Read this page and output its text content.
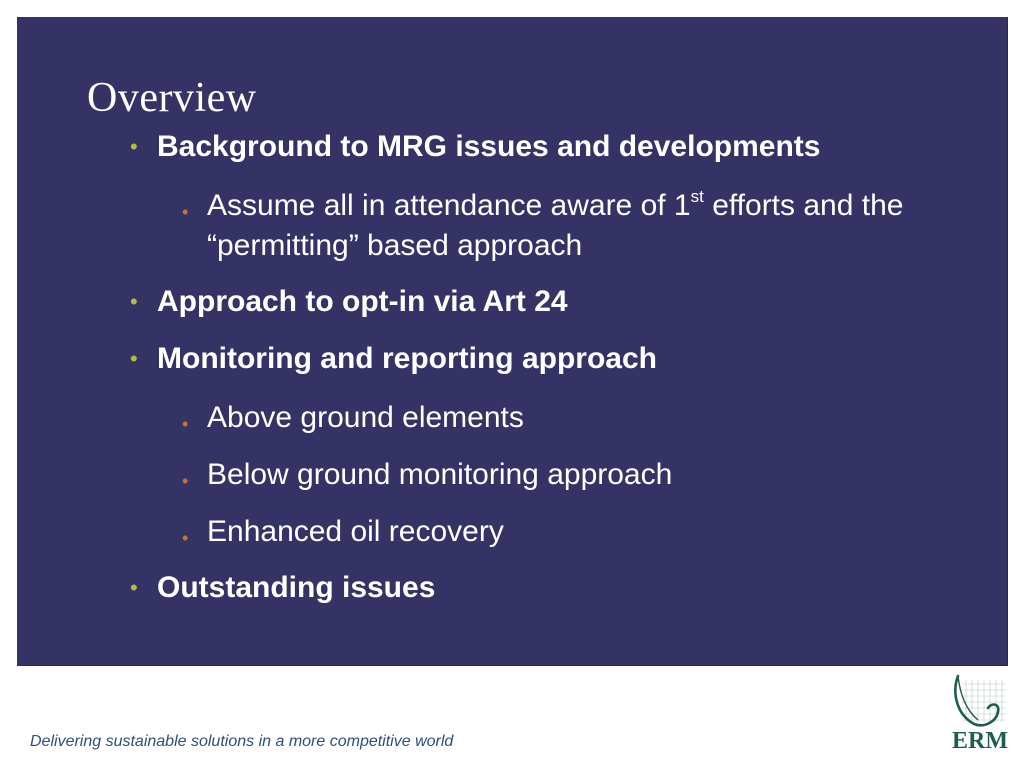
Overview
• Background to MRG issues and developments
• Assume all in attendance aware of 1st efforts and the “permitting” based approach
• Approach to opt-in via Art 24
• Monitoring and reporting approach
• Above ground elements
• Below ground monitoring approach
• Enhanced oil recovery
• Outstanding issues
Delivering sustainable solutions in a more competitive world	ERM
